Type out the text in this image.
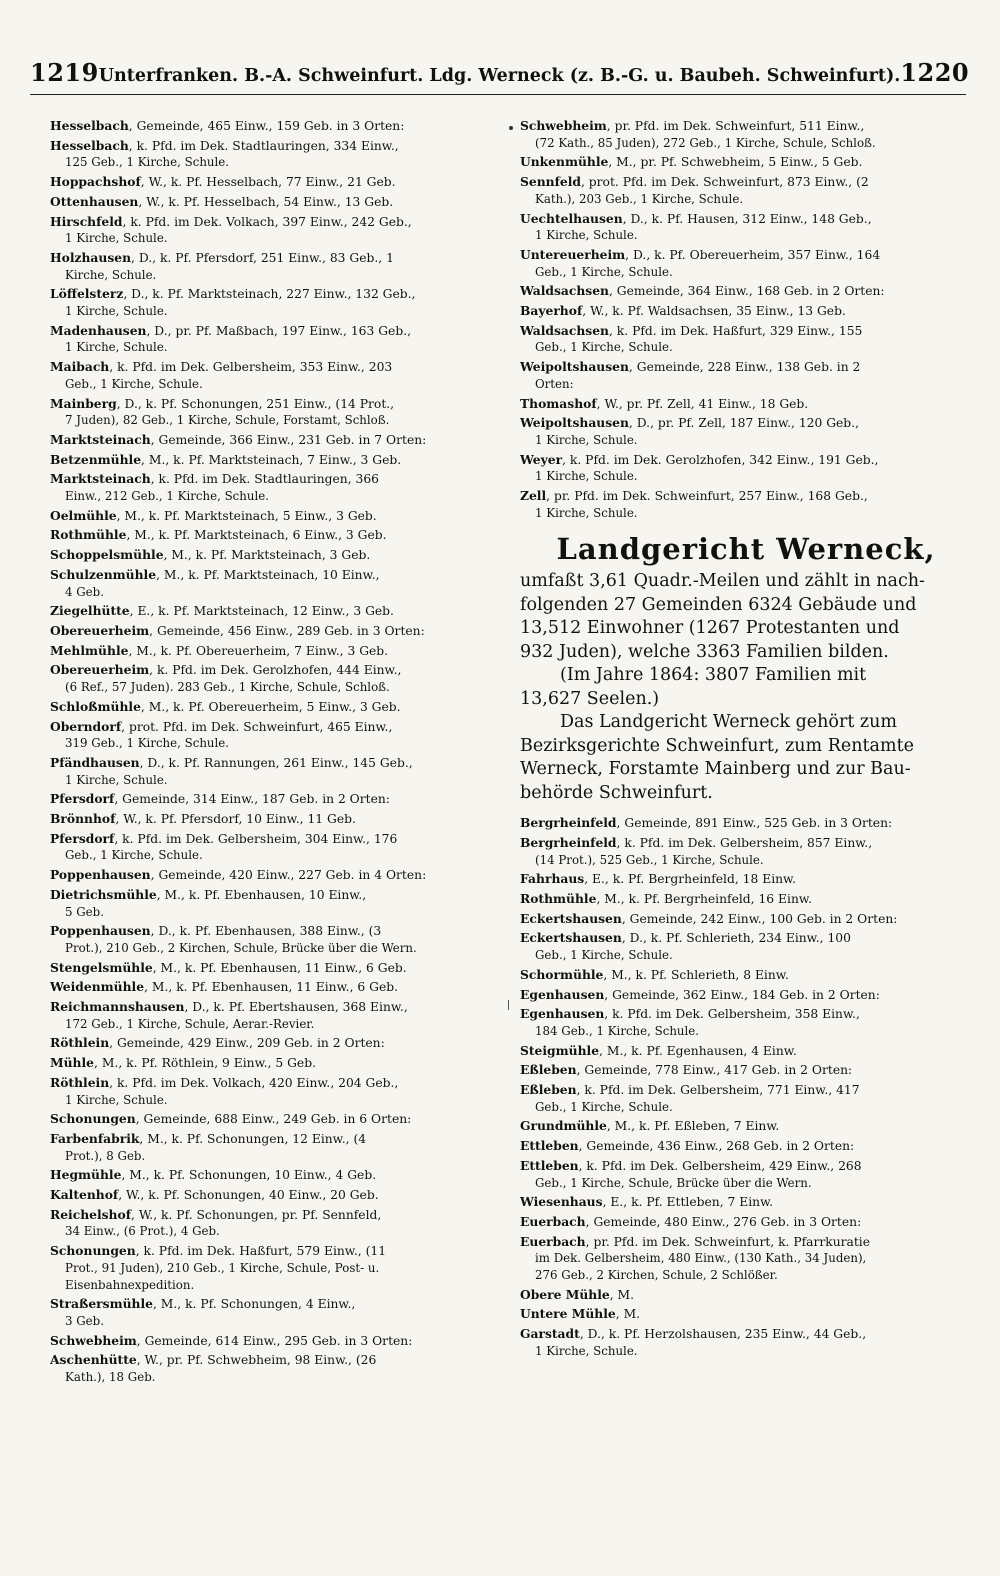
1219 Unterfranken. B.-A. Schweinfurt. Ldg. Werneck (z. B.-G. u. Baubeh. Schweinfurt). 1220
Hesselbach, Gemeinde, 465 Einw., 159 Geb. in 3 Orten:
Hesselbach, k. Pfd. im Dek. Stadtlauringen, 334 Einw.,
125 Geb., 1 Kirche, Schule.
Hoppachshof, W., k. Pf. Hesselbach, 77 Einw., 21 Geb.
Ottenhausen, W., k. Pf. Hesselbach, 54 Einw., 13 Geb.
Hirschfeld, k. Pfd. im Dek. Volkach, 397 Einw., 242 Geb.,
1 Kirche, Schule.
Holzhausen, D., k. Pf. Pfersdorf, 251 Einw., 83 Geb., 1
Kirche, Schule.
Löffelsterz, D., k. Pf. Marktsteinach, 227 Einw., 132 Geb.,
1 Kirche, Schule.
Madenhausen, D., pr. Pf. Maßbach, 197 Einw., 163 Geb.,
1 Kirche, Schule.
Maibach, k. Pfd. im Dek. Gelbersheim, 353 Einw., 203
Geb., 1 Kirche, Schule.
Mainberg, D., k. Pf. Schonungen, 251 Einw., (14 Prot.,
7 Juden), 82 Geb., 1 Kirche, Schule, Forstamt, Schloß.
Marktsteinach, Gemeinde, 366 Einw., 231 Geb. in 7 Orten:
Betzenmühle, M., k. Pf. Marktsteinach, 7 Einw., 3 Geb.
Marktsteinach, k. Pfd. im Dek. Stadtlauringen, 366
Einw., 212 Geb., 1 Kirche, Schule.
Oelmühle, M., k. Pf. Marktsteinach, 5 Einw., 3 Geb.
Rothmühle, M., k. Pf. Marktsteinach, 6 Einw., 3 Geb.
Schoppelsmühle, M., k. Pf. Marktsteinach, 3 Geb.
Schulzenmühle, M., k. Pf. Marktsteinach, 10 Einw.,
4 Geb.
Ziegelhütte, E., k. Pf. Marktsteinach, 12 Einw., 3 Geb.
Obereuerheim, Gemeinde, 456 Einw., 289 Geb. in 3 Orten:
Mehlmühle, M., k. Pf. Obereuerheim, 7 Einw., 3 Geb.
Obereuerheim, k. Pfd. im Dek. Gerolzhofen, 444 Einw.,
(6 Ref., 57 Juden). 283 Geb., 1 Kirche, Schule, Schloß.
Schloßmühle, M., k. Pf. Obereuerheim, 5 Einw., 3 Geb.
Oberndorf, prot. Pfd. im Dek. Schweinfurt, 465 Einw.,
319 Geb., 1 Kirche, Schule.
Pfändhausen, D., k. Pf. Rannungen, 261 Einw., 145 Geb.,
1 Kirche, Schule.
Pfersdorf, Gemeinde, 314 Einw., 187 Geb. in 2 Orten:
Brönnhof, W., k. Pf. Pfersdorf, 10 Einw., 11 Geb.
Pfersdorf, k. Pfd. im Dek. Gelbersheim, 304 Einw., 176
Geb., 1 Kirche, Schule.
Poppenhausen, Gemeinde, 420 Einw., 227 Geb. in 4 Orten:
Dietrichsmühle, M., k. Pf. Ebenhausen, 10 Einw.,
5 Geb.
Poppenhausen, D., k. Pf. Ebenhausen, 388 Einw., (3
Prot.), 210 Geb., 2 Kirchen, Schule, Brücke über die Wern.
Stengelsmühle, M., k. Pf. Ebenhausen, 11 Einw., 6 Geb.
Weidenmühle, M., k. Pf. Ebenhausen, 11 Einw., 6 Geb.
Reichmannshausen, D., k. Pf. Ebertshausen, 368 Einw.,
172 Geb., 1 Kirche, Schule, Aerar.-Revier.
Röthlein, Gemeinde, 429 Einw., 209 Geb. in 2 Orten:
Mühle, M., k. Pf. Röthlein, 9 Einw., 5 Geb.
Röthlein, k. Pfd. im Dek. Volkach, 420 Einw., 204 Geb.,
1 Kirche, Schule.
Schonungen, Gemeinde, 688 Einw., 249 Geb. in 6 Orten:
Farbenfabrik, M., k. Pf. Schonungen, 12 Einw., (4
Prot.), 8 Geb.
Hegmühle, M., k. Pf. Schonungen, 10 Einw., 4 Geb.
Kaltenhof, W., k. Pf. Schonungen, 40 Einw., 20 Geb.
Reichelshof, W., k. Pf. Schonungen, pr. Pf. Sennfeld,
34 Einw., (6 Prot.), 4 Geb.
Schonungen, k. Pfd. im Dek. Haßfurt, 579 Einw., (11
Prot., 91 Juden), 210 Geb., 1 Kirche, Schule, Post- u.
Eisenbahnexpedition.
Straßersmühle, M., k. Pf. Schonungen, 4 Einw.,
3 Geb.
Schwebheim, Gemeinde, 614 Einw., 295 Geb. in 3 Orten:
Aschenhütte, W., pr. Pf. Schwebheim, 98 Einw., (26
Kath.), 18 Geb.
Schwebheim, pr. Pfd. im Dek. Schweinfurt, 511 Einw.,
(72 Kath., 85 Juden), 272 Geb., 1 Kirche, Schule, Schloß.
Unkenmühle, M., pr. Pf. Schwebheim, 5 Einw., 5 Geb.
Sennfeld, prot. Pfd. im Dek. Schweinfurt, 873 Einw., (2
Kath.), 203 Geb., 1 Kirche, Schule.
Uechtelhausen, D., k. Pf. Hausen, 312 Einw., 148 Geb.,
1 Kirche, Schule.
Untereuerheim, D., k. Pf. Obereuerheim, 357 Einw., 164
Geb., 1 Kirche, Schule.
Waldsachsen, Gemeinde, 364 Einw., 168 Geb. in 2 Orten:
Bayerhof, W., k. Pf. Waldsachsen, 35 Einw., 13 Geb.
Waldsachsen, k. Pfd. im Dek. Haßfurt, 329 Einw., 155
Geb., 1 Kirche, Schule.
Weipoltshausen, Gemeinde, 228 Einw., 138 Geb. in 2
Orten:
Thomashof, W., pr. Pf. Zell, 41 Einw., 18 Geb.
Weipoltshausen, D., pr. Pf. Zell, 187 Einw., 120 Geb.,
1 Kirche, Schule.
Weyer, k. Pfd. im Dek. Gerolzhofen, 342 Einw., 191 Geb.,
1 Kirche, Schule.
Zell, pr. Pfd. im Dek. Schweinfurt, 257 Einw., 168 Geb.,
1 Kirche, Schule.
Landgericht Werneck,
umfaßt 3,61 Quadr.-Meilen und zählt in nach-
folgenden 27 Gemeinden 6324 Gebäude und
13,512 Einwohner (1267 Protestanten und
932 Juden), welche 3363 Familien bilden.
(Im Jahre 1864: 3807 Familien mit
13,627 Seelen.)
Das Landgericht Werneck gehört zum
Bezirksgerichte Schweinfurt, zum Rentamte
Werneck, Forstamte Mainberg und zur Bau-
behörde Schweinfurt.
Bergrheinfeld, Gemeinde, 891 Einw., 525 Geb. in 3 Orten:
Bergrheinfeld, k. Pfd. im Dek. Gelbersheim, 857 Einw.,
(14 Prot.), 525 Geb., 1 Kirche, Schule.
Fahrhaus, E., k. Pf. Bergrheinfeld, 18 Einw.
Rothmühle, M., k. Pf. Bergrheinfeld, 16 Einw.
Eckertshausen, Gemeinde, 242 Einw., 100 Geb. in 2 Orten:
Eckertshausen, D., k. Pf. Schlerieth, 234 Einw., 100
Geb., 1 Kirche, Schule.
Schormühle, M., k. Pf. Schlerieth, 8 Einw.
Egenhausen, Gemeinde, 362 Einw., 184 Geb. in 2 Orten:
Egenhausen, k. Pfd. im Dek. Gelbersheim, 358 Einw.,
184 Geb., 1 Kirche, Schule.
Steigmühle, M., k. Pf. Egenhausen, 4 Einw.
Eßleben, Gemeinde, 778 Einw., 417 Geb. in 2 Orten:
Eßleben, k. Pfd. im Dek. Gelbersheim, 771 Einw., 417
Geb., 1 Kirche, Schule.
Grundmühle, M., k. Pf. Eßleben, 7 Einw.
Ettleben, Gemeinde, 436 Einw., 268 Geb. in 2 Orten:
Ettleben, k. Pfd. im Dek. Gelbersheim, 429 Einw., 268
Geb., 1 Kirche, Schule, Brücke über die Wern.
Wiesenhaus, E., k. Pf. Ettleben, 7 Einw.
Euerbach, Gemeinde, 480 Einw., 276 Geb. in 3 Orten:
Euerbach, pr. Pfd. im Dek. Schweinfurt, k. Pfarrkuratie
im Dek. Gelbersheim, 480 Einw., (130 Kath., 34 Juden),
276 Geb., 2 Kirchen, Schule, 2 Schlößer.
Obere Mühle, M.
Untere Mühle, M.
Garstadt, D., k. Pf. Herzolshausen, 235 Einw., 44 Geb.,
1 Kirche, Schule.
